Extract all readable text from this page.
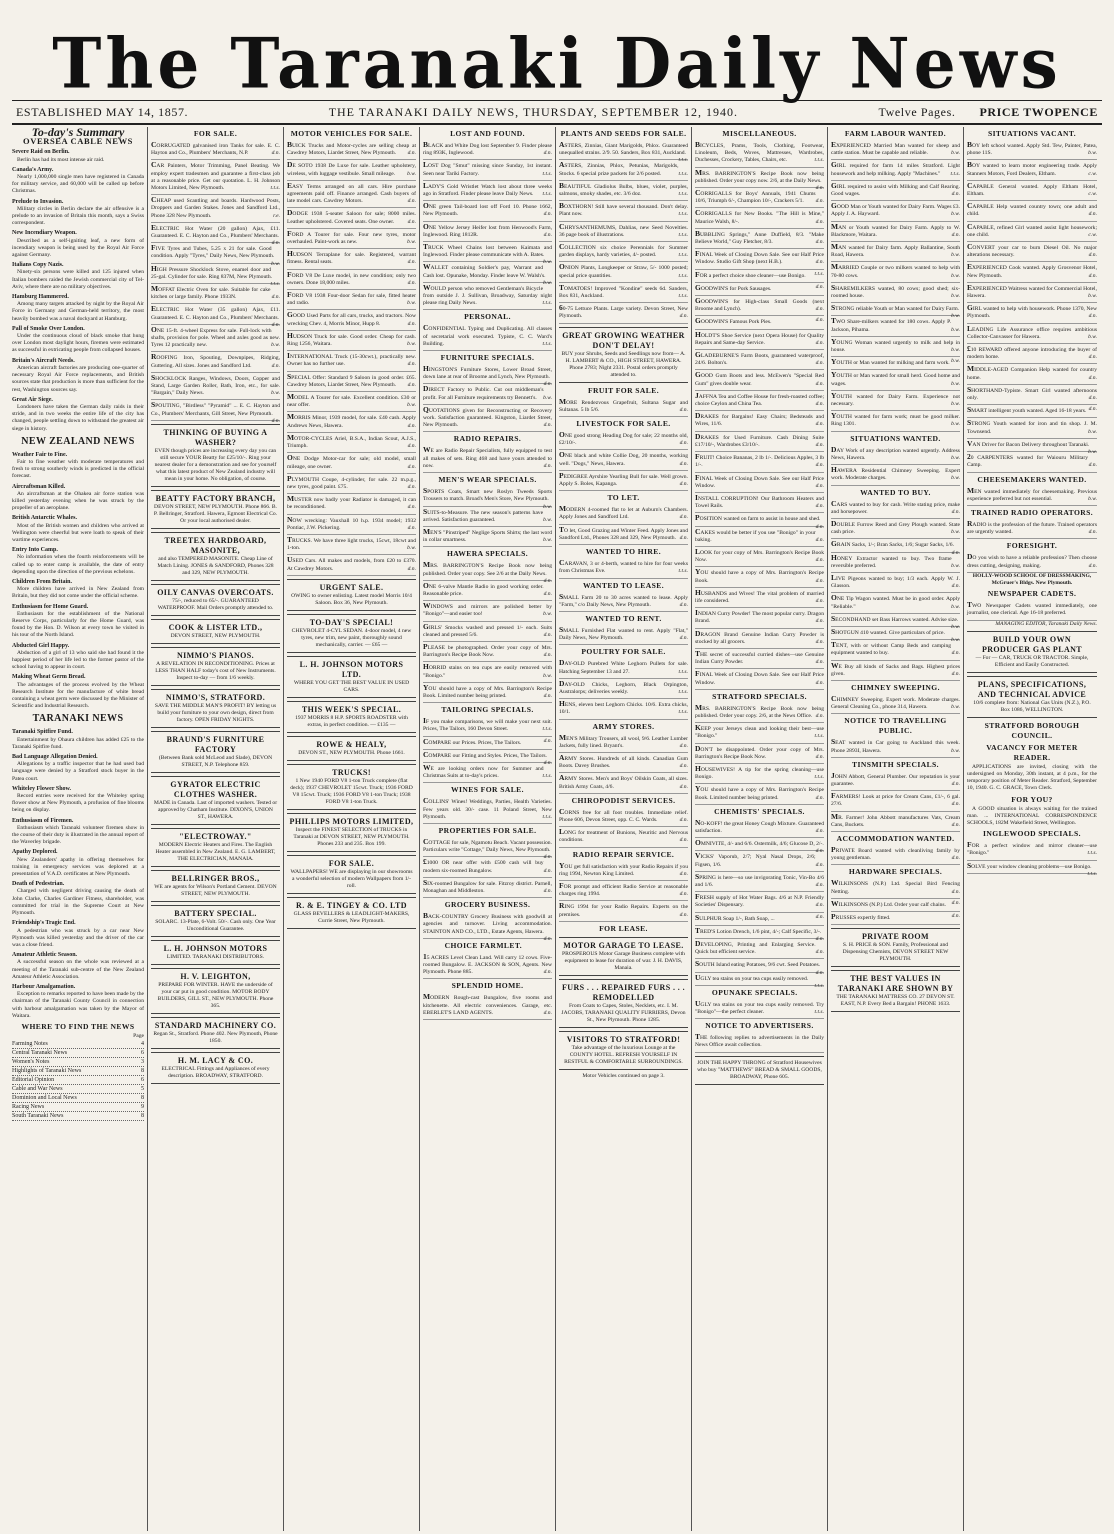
The Taranaki Daily News
ESTABLISHED MAY 14, 1857.	THE TARANAKI DAILY NEWS, THURSDAY, SEPTEMBER 12, 1940.	Twelve Pages. PRICE TWOPENCE
To-day's Summary
OVERSEA CABLE NEWS
Severe Raid on Berlin.
Berlin has had its most intense air raid.
Canada's Army.
Nearly 1,000,000 single men have registered in Canada for military service, and 60,000 will be called up before Christmas.
Prelude to Invasion.
Military circles in Berlin declare the air offensive is a prelude to an invasion of Britain this month, says a Swiss correspondent.
New Incendiary Weapon.
Described as a self-igniting leaf, a new form of incendiary weapon is being used by the Royal Air Force against Germany.
Italians Copy Nazis.
Ninety-six persons were killed and 125 injured when Italian bombers raided the Jewish commercial city of Tel-Aviv, where there are no military objectives.
Hamburg Hammered.
Among many targets attacked by night by the Royal Air Force in Germany and German-held territory, the most heavily bombed was a naval dockyard at Hamburg.
Pall of Smoke Over London.
Under the continuous cloud of black smoke that hung over London most daylight hours, firemen were estimated as successful in extricating people from collapsed houses.
Britain's Aircraft Needs.
American aircraft factories are producing one-quarter of necessary Royal Air Force replacements, and British sources state that production is more than sufficient for the rest, Washington sources say.
Great Air Siege.
Londoners have taken the German daily raids in their stride, and in two weeks the entire life of the city has changed, people settling down to withstand the greatest air siege in history.
NEW ZEALAND NEWS
Weather Fair to Fine.
Fair to fine weather with moderate temperatures and fresh to strong southerly winds is predicted in the official forecast.
Aircraftsman Killed.
An aircraftsman at the Ohakea air force station was killed yesterday evening when he was struck by the propeller of an aeroplane.
British Antarctic Whales.
Most of the British women and children who arrived at Wellington were cheerful but were loath to speak of their wartime experiences.
Entry Into Camp.
No information when the fourth reinforcements will be called up to enter camp is available, the date of entry depending upon the direction of the previous echelons.
Children From Britain.
More children have arrived in New Zealand from Britain, but they did not come under the official scheme.
Enthusiasm for Home Guard.
Enthusiasm for the establishment of the National Reserve Corps, particularly for the Home Guard, was found by the Hon. D. Wilson at every town he visited in his tour of the North Island.
Abducted Girl Happy.
Abduction of a girl of 13 who said she had found it the happiest period of her life led to the former pastor of the school having to appear in court.
Making Wheat Germ Bread.
The advantages of the process evolved by the Wheat Research Institute for the manufacture of white bread containing a wheat germ were discussed by the Minister of Scientific and Industrial Research.
TARANAKI NEWS
Taranaki Spitfire Fund.
Entertainment by Ohaura children has added £25 to the Taranaki Spitfire fund.
Bad Language Allegation Denied.
Allegations by a traffic inspector that he had used bad language were denied by a Stratford stock buyer in the Patea court.
Whiteley Flower Show.
Record entries were received for the Whiteley spring flower show at New Plymouth, a profusion of fine blooms being on display.
Enthusiasm of Firemen.
Enthusiasm which Taranaki volunteer firemen show in the course of their duty is illustrated in the annual report of the Waverley brigade.
Apathy Deplored.
New Zealanders' apathy in offering themselves for training in emergency services was deplored at a presentation of V.A.D. certificates at New Plymouth.
Death of Pedestrian.
Charged with negligent driving causing the death of John Clarke, Charles Gardiner Fitness, shareholder, was committed for trial in the Supreme Court at New Plymouth.
Friendship's Tragic End.
A pedestrian who was struck by a car near New Plymouth was killed yesterday and the driver of the car was a close friend.
Amateur Athletic Season.
A successful season on the whole was reviewed at a meeting of the Taranaki sub-centre of the New Zealand Amateur Athletic Association.
Harbour Amalgamation.
Exception to remarks reported to have been made by the chairman of the Taranaki County Council in connection with harbour amalgamation was taken by the Mayor of Waitara.
WHERE TO FIND THE NEWS
Page
Farming Notes	4
Central Taranaki News	6
Women's Notes	3
Highlights of Taranaki News	8
Editorial Opinion	6
Cable and War News	5
Dominion and Local News	8
Racing News	9
South Taranaki News	8
FOR SALE.
CORRUGATED galvanised iron Tanks for sale. E. C. Hayton and Co., Plumbers' Merchants, N.P.	d.n.
CAR Painters, Motor Trimming, Panel Beating. We employ expert tradesmen and guarantee a first-class job at a reasonable price. Get our quotation. L. H. Johnson Motors Limited, New Plymouth.	t.t.s.
CHEAP used Scantling and boards. Hardwood Posts, Droppers and Garden Stakes. Jones and Sandford Ltd., Phone 328 New Plymouth.	r.e.
ELECTRIC Hot Water (20 gallon) Ajax, £11. Guaranteed. E. C. Hayton and Co., Plumbers' Merchants.
d.n.
FIVE Tyres and Tubes, 5.25 x 21 for sale. Good condition. Apply "Tyres," Daily News, New Plymouth.
b.w.
HIGH Pressure Shocklock Stove, enamel door and 25-gal. Cylinder for sale. Ring 837M, New Plymouth.
t.t.s.
MOFFAT Electric Oven for sale. Suitable for cake kitchen or large family. Phone 1933N.	d.n.
ELECTRIC Hot Water (35 gallon) Ajax, £11. Guaranteed. E. C. Hayton and Co., Plumbers' Merchants.
d.n.
ONE 15-ft. 4-wheel Express for sale. Full-lock with shafts, provision for pole. Wheel and axles good as new. Tyres 12 practically new.	b.w.
ROOFING Iron, Spouting, Downpipes, Ridging, Guttering. All sizes. Jones and Sandford Ltd.	d.n.
SHOCKLOCK Ranges, Windows, Doors, Copper and Stand, Large Garden Roller, Bath, Iron, etc., for sale. "Bargain," Daily News.	b.w.
SPOUTING, "Birdless" "Pyramid" ... E. C. Hayton and Co., Plumbers' Merchants, Gill Street, New Plymouth.
d.n.
THINKING OF BUYING A WASHER?
EVEN though prices are increasing every day you can still secure YOUR Beatty for £25/10/-. Ring your nearest dealer for a demonstration and see for yourself what this latest product of New Zealand industry will mean in your home. No obligation, of course.
BEATTY FACTORY BRANCH,
DEVON STREET, NEW PLYMOUTH. Phone 866. B. P. Bellringer, Stratford. Hawera, Egmont Electrical Co. Or your local authorised dealer.
TREETEX HARDBOARD, MASONITE,
and also TEMPERED MASONITE. Cheap Line of Match Lining. JONES & SANDFORD, Phones 328 and 329, NEW PLYMOUTH.
OILY CANVAS OVERCOATS.
75/-, reduced to 65/-. GUARANTEED WATERPROOF. Mail Orders promptly attended to.
COOK & LISTER LTD.,
DEVON STREET, NEW PLYMOUTH.
NIMMO'S PIANOS.
A REVELATION IN RECONDITIONING. Prices at LESS THAN HALF today's cost of New Instruments. Inspect to-day — from 1/6 weekly.
NIMMO'S, STRATFORD.
SAVE THE MIDDLE MAN'S PROFIT! BY letting us build your furniture to your own design, direct from factory. OPEN FRIDAY NIGHTS.
BRAUND'S FURNITURE FACTORY
(Between Bank sold McLeod and Slade), DEVON STREET, N.P. Telephone 859.
GYRATOR ELECTRIC CLOTHES WASHER.
MADE in Canada. Last of imported washers. Tested or approved by Chatham Institute. DIXON'S, UNION ST., HAWERA.
"ELECTROWAY."
MODERN Electric Heaters and Fires. The English Heater assembled in New Zealand. E. G. LAMBERT, THE ELECTRICIAN, MANAIA.
BELLRINGER BROS.,
WE are agents for Wilson's Portland Cement. DEVON STREET, NEW PLYMOUTH.
BATTERY SPECIAL.
SOLARC. 13-Plate, 6-Volt. 50/-. Cash only. One Year Unconditional Guarantee.
L. H. JOHNSON MOTORS
LIMITED. TARANAKI DISTRIBUTORS.
H. V. LEIGHTON,
PREPARE FOR WINTER. HAVE the underside of your car put in good condition. MOTOR BODY BUILDERS, GILL ST., NEW PLYMOUTH. Phone 365.
STANDARD MACHINERY CO.
Regan St., Stratford. Phone 402. New Plymouth, Phone 1850.
H. M. LACY & CO.
ELECTRICAL Fittings and Appliances of every description. BROADWAY, STRATFORD.
MOTOR VEHICLES FOR SALE.
BUICK Trucks and Motor-cycles are selling cheap at Cawdrey Motors, Liardet Street, New Plymouth. d.n.
DE SOTO 1938 De Luxe for sale. Leather upholstery, wireless, with luggage vestibule. Small mileage. b.w.
EASY Terms arranged on all cars. Hire purchase agreements paid off. Finance arranged. Cash buyers of late model cars. Cawdrey Motors.	d.n.
DODGE 1938 5-seater Saloon for sale; 8000 miles. Leather upholstered. Covered seats. One owner. d.n.
FORD A Tourer for sale. Four new tyres, motor overhauled. Paint-work as new.	b.w.
HUDSON Terraplane for sale. Registered, warrant fitness. Rental seats.	d.n.
FORD V8 De Luxe model, in new condition; only two owners. Done 18,000 miles.	d.n.
FORD V8 1938 Four-door Sedan for sale, fitted heater and radio.	b.w.
GOOD Used Parts for all cars, trucks, and tractors. Now wrecking Chev. 4, Morris Minor, Hupp 8.	d.n.
HUDSON Truck for sale. Good order. Cheap for cash. Ring 1256, Waitara.	b.w.
INTERNATIONAL Truck (15-30cwt.), practically new. Owner has no further use.	d.n.
SPECIAL Offer: Standard 9 Saloon in good order. £65. Cawdrey Motors, Liardet Street, New Plymouth. d.n.
MODEL A Tourer for sale. Excellent condition. £30 or near offer.	b.w.
MORRIS Minor, 1939 model, for sale. £40 cash. Apply Andrews News, Hawera.	d.n.
MOTOR-CYCLES Ariel, B.S.A., Indian Scout, A.J.S., Triumph.	d.n.
ONE Dodge Motor-car for sale; old model, small mileage, one owner.	d.n.
PLYMOUTH Coupe, 4-cylinder, for sale. 22 m.p.g., new tyres, good paint. £75.	d.n.
MUSTER now badly your Radiator is damaged, it can be reconditioned.	d.n.
NOW wrecking: Vauxhall 10 h.p. 1934 model; 1932 Pontiac, J.W. Pickering.	d.n.
TRUCKS. We have three light trucks, 15cwt, 18cwt and 1-ton.	b.w.
USED Cars. All makes and models, from £20 to £370. At Cawdrey Motors.	d.n.
URGENT SALE.
OWING to owner enlisting. Latest model Morris 10/4 Saloon. Box 36, New Plymouth.
TO-DAY'S SPECIAL!
CHEVROLET 4-CYL SEDAN. 4-door model, 4 new tyres, new trim, new paint, thoroughly sound mechanically, carrier. — £65 —
L. H. JOHNSON MOTORS LTD.
WHERE YOU GET THE BEST VALUE IN USED CARS.
THIS WEEK'S SPECIAL.
1937 MORRIS 8 H.P. SPORTS ROADSTER with extras, in perfect condition. — £135 —
ROWE & HEALY,
DEVON ST., NEW PLYMOUTH. Phone 1661.
TRUCKS!
1 New 1940 FORD V8 1-ton Truck complete (flat deck); 1937 CHEVROLET 15cwt. Truck; 1936 FORD V8 15cwt. Truck; 1936 FORD V8 1-ton Truck; 1938 FORD V8 1-ton Truck.
PHILLIPS MOTORS LIMITED,
Inspect the FINEST SELECTION of TRUCKS in Taranaki at DEVON STREET, NEW PLYMOUTH. Phones 233 and 235. Box 199.
FOR SALE.
WALLPAPERS! WE are displaying in our showrooms a wonderful selection of modern Wallpapers from 1/- roll.
R. & E. TINGEY & CO. LTD
GLASS BEVELLERS & LEADLIGHT-MAKERS, Currie Street, New Plymouth.
LOST AND FOUND.
BLACK and White Dog lost September 9. Finder please ring 893K, Inglewood.	d.n.
LOST Dog "Smut" missing since Sunday, 1st instant. Seen near Tariki Factory.	t.t.s.
LADY'S Gold Wristlet Watch lost about three weeks ago in Stratford. Finder please leave Daily News. t.t.s.
ONE green Tail-board lost off Ford 10. Phone 1662, New Plymouth.	d.n.
ONE Yellow Jersey Heifer lost from Henwood's Farm, Inglewood. Ring 1812R.	d.n.
TRUCK Wheel Chains lost between Kaimata and Inglewood. Finder please communicate with A. Bates.
b.w.
WALLET containing Soldier's pay, Warrant and Cash lost. Opunake, Monday. Finder leave W. Walsh's.
b.w.
WOULD person who removed Gentleman's Bicycle from outside J. J. Sullivan, Broadway, Saturday night please ring Daily News.	t.t.s.
PERSONAL.
CONFIDENTIAL Typing and Duplicating. All classes of secretarial work executed. Typiste, C. C. Ward's Building.	t.t.s.
FURNITURE SPECIALS.
HINGSTON'S Furniture Stores, Lower Broad Street, down lane at rear of Broome and Lynch, New Plymouth.
d.n.
DIRECT Factory to Public. Cut out middleman's profit. For all Furniture requirements try Bennett's. b.w.
QUOTATIONS given for Reconstructing or Recovery work. Satisfaction guaranteed. Kingston, Liardet Street, New Plymouth.	d.n.
RADIO REPAIRS.
WE are Radio Repair Specialists, fully equipped to test all makes of sets. Ring 468 and have yours attended to now.	d.n.
MEN'S WEAR SPECIALS.
SPORTS Coats, Smart new Roslyn Tweeds Sports Trousers to match. Broad's Men's Store, New Plymouth.
b.w.
SUITS-to-Measure. The new season's patterns have arrived. Satisfaction guaranteed.	b.w.
MEN'S "Pinstriped" Neglige Sports Shirts; the last word in collar smartness.	b.w.
HAWERA SPECIALS.
MRS. BARRINGTON'S Recipe Book now being published. Order your copy. See 2/6 at the Daily News.
d.n.
ONE 6-valve Mantle Radio in good working order. Reasonable price.	d.n.
WINDOWS and mirrors are polished better by "Bonigo"—and easier too!	b.w.
GIRLS' Smocks washed and pressed 1/- each. Suits cleaned and pressed 5/6.	d.n.
PLEASE be photographed. Order your copy of Mrs. Barrington's Recipe Book Now.	d.n.
HORRID stains on tea cups are easily removed with "Bonigo."	b.w.
YOU should have a copy of Mrs. Barrington's Recipe Book. Limited number being printed.	d.n.
TAILORING SPECIALS.
IF you make comparisons, we will make your next suit. Prices, The Tailors, 160 Devon Street.	t.t.s.
COMPARE our Prices. Prices, The Tailors.	d.n.
COMPARE our Fitting and Styles. Prices, The Tailors.
d.n.
WE are looking orders now for Summer and Christmas Suits at to-day's prices.	t.t.s.
WINES FOR SALE.
COLLINS' Wines! Weddings, Parties, Health Varieties. Few years old. 30/- case. 11 Poland Street, New Plymouth.	t.t.s.
PROPERTIES FOR SALE.
COTTAGE for sale, Ngamotu Beach. Vacant possession. Particulars write "Cottage," Daily News, New Plymouth.
d.n.
£1000 OR near offer with £500 cash will buy modern six-roomed Bungalow.	d.n.
SIX-roomed Bungalow for sale. Fitzroy district. Parnell, Monaghan and Middleston.	d.n.
GROCERY BUSINESS.
BACK-COUNTRY Grocery Business with goodwill at agencies and turnover. Living accommodation. STAINTON AND CO., LTD., Estate Agents, Hawera.
d.n.
CHOICE FARMLET.
15 ACRES Level Clean Land. Will carry 12 cows. Five-roomed Bungalow. E. JACKSON & SON, Agents. New Plymouth. Phone 885.	d.n.
SPLENDID HOME.
MODERN Rough-cast Bungalow, five rooms and kitchenette. All electric conveniences. Garage, etc. EBERLET'S LAND AGENTS.	d.n.
PLANTS AND SEEDS FOR SALE.
ASTERS, Zinnias, Giant Marigolds, Phlox. Guaranteed unequalled strains. 2/9. 50. Sanders, Box 831, Auckland.
t.t.s.
ASTERS, Zinnias, Phlox, Petunias, Marigolds, Stocks. 6 special prize packets for 2/6 posted.	t.t.s.
BEAUTIFUL Gladiolus Bulbs, blues, violet, purples, salmons, smoky shades, etc. 3/6 doz.	t.t.s.
BOXTHORN! Still have several thousand. Don't delay. Plant now.	t.t.s.
CHRYSANTHEMUMS, Dahlias, new Seed Novelties. 36 page book of illustrations.	t.t.s.
COLLECTION six choice Perennials for Summer garden displays, hardy varieties, 4/- posted.	t.t.s.
ONION Plants, Longkeeper or Straw, 5/- 1000 posted; special price quantities.	t.t.s.
TOMATOES! Improved "Kondine" seeds 6d. Sanders, Box 831, Auckland.	t.t.s.
60-75 Lettuce Plants. Large variety. Devon Street, New Plymouth.	d.n.
GREAT GROWING WEATHER DON'T DELAY!
BUY your Shrubs, Seeds and Seedlings now from— A. H. LAMBERT & CO., HIGH STREET, HAWERA. Phone 2783; Night 2331. Postal orders promptly attended to.
FRUIT FOR SALE.
MORE Rendezvous Grapefruit, Sultana Sugar and Sultanas. 5 lb 5/6.	d.n.
LIVESTOCK FOR SALE.
ONE good strong Heading Dog for sale; 22 months old, £2/10/-.	d.n.
ONE black and white Collie Dog, 20 months, working well. "Dogs," News, Hawera.	d.n.
PEDIGREE Ayrshire Yearling Bull for sale. Well grown. Apply S. Boles, Kapanga.	d.n.
TO LET.
MODERN 4-roomed flat to let at Auburn's Chambers. Apply Jones and Sandford Ltd.	d.n.
TO let, Good Grazing and Winter Feed. Apply Jones and Sandford Ltd., Phones 328 and 329, New Plymouth. d.n.
WANTED TO HIRE.
CARAVAN, 3 or 4-berth, wanted to hire for four weeks from Christmas Eve.	t.t.s.
WANTED TO LEASE.
SMALL Farm 20 to 30 acres wanted to lease. Apply "Farm," c/o Daily News, New Plymouth.	d.n.
WANTED TO RENT.
SMALL Furnished Flat wanted to rent. Apply "Flat," Daily News, New Plymouth.	d.n.
POULTRY FOR SALE.
DAY-OLD Purebred White Leghorn Pullets for sale. Hatching September 13 and 27.	t.t.s.
DAY-OLD Chicks, Leghorn, Black Orpington, Australorps; deliveries weekly.	t.t.s.
HENS, eleven best Leghorn Chicks. 10/6. Extra chicks, 10/1.	t.t.s.
ARMY STORES.
MEN'S Military Trousers, all wool, 9/6. Leather Lumber Jackets, fully lined. Bryant's.	d.n.
ARMY Stores. Hundreds of all kinds. Canadian Gum Boots. Davey Brushes.	d.n.
ARMY Stores. Men's and Boys' Oilskin Coats, all sizes. British Army Coats, 4/6.	d.n.
CHIROPODIST SERVICES.
CORNS free for all foot troubles. Immediate relief. Phone 606, Devon Street, opp. C. C. Wards.	d.n.
LONG for treatment of Bunions, Neuritic and Nervous conditions.	d.n.
RADIO REPAIR SERVICE.
YOU get full satisfaction with your Radio Repairs if you ring 1994, Newton King Limited.	d.n.
FOR prompt and efficient Radio Service at reasonable charges ring 1994.	d.n.
RING 1994 for your Radio Repairs. Experts on the premises.	d.n.
FOR LEASE.
MOTOR GARAGE TO LEASE.
PROSPEROUS Motor Garage Business complete with equipment to lease for duration of war. J. H. DAVIS, Manaia.
FURS . . . REPAIRED FURS . . . REMODELLED
From Coats to Capes, Stoles, Necklets, etc. I. M. JACOBS, TARANAKI QUALITY FURRIERS, Devon St., New Plymouth. Phone 1285.
VISITORS TO STRATFORD!
Take advantage of the luxurious Lounge at the COUNTY HOTEL. REFRESH YOURSELF IN RESTFUL & COMFORTABLE SURROUNDINGS.
Motor Vehicles continued on page 3.
MISCELLANEOUS.
BICYCLES, Prams, Tools, Clothing, Footwear, Linoleum, Beds, Woves, Mattresses, Wardrobes, Duchesses, Crockery, Tables, Chairs, etc.	t.t.s.
MRS. BARRINGTON'S Recipe Book now being published. Order your copy now. 2/6, at the Daily News.
d.n.
CORRIGALLS for Boys' Annuals, 1941 Chums 10/6, Triumph 6/-, Champion 10/-, Crackers 5/1. d.n.
CORRIGALLS for New Books. "The Hill is Mine," Maurice Walsh, 8/-.	d.n.
BUBBLING Springs," Anne Duffield, 8/3. "Make Believe World," Guy Fletcher, 8/3.	d.n.
FINAL Week of Closing Down Sale. See our Half Price Window. Studio Gift Shop (next H.B.).	d.n.
FOR a perfect choice shoe cleaner—use Bonigo. t.t.s.
GOODWIN'S for Pork Sausages.	d.n.
GOODWIN'S for High-class Small Goods (next Broome and Lynch).	d.n.
GOODWIN'S Famous Pork Pies.	d.n.
HOLDT'S Shoe Service (next Opera House) for Quality Repairs and Same-day Service.	d.n.
GLADEBURNE'S Farm Boots, guaranteed waterproof, 24/6. Bolton's.	d.n.
GOOD Gum Boots and less. McEwen's "Special Red Gum" gives double wear.	d.n.
JAFFNA Tea and Coffee House for fresh-roasted coffee; choice Ceylon and China Tea.	d.n.
DRAKES for Bargains! Easy Chairs; Bedsteads and Wires, 11/6.	d.n.
DRAKES for Used Furniture. Cash Dining Suite £17/10/-, Wardrobes £3/10/-.	d.n.
FRUIT! Choice Bananas, 2 lb 1/-. Delicious Apples, 3 lb 1/-.	d.n.
FINAL Week of Closing Down Sale. See our Half Price Window.	d.n.
INSTALL CORRUPTION! Our Bathroom Heaters and Towel Rails.	d.n.
POSITION wanted on farm to assist in house and shed.
d.n.
CAKES would be better if you use "Bonigo" in your baking.	d.n.
LOOK for your copy of Mrs. Barrington's Recipe Book Now.	d.n.
YOU should have a copy of Mrs. Barrington's Recipe Book.	d.n.
HUSBANDS and Wives! The vital problem of married life considered.	d.n.
INDIAN Curry Powder! The most popular curry. Dragon Brand.	d.n.
DRAGON Brand Genuine Indian Curry Powder is stocked by all grocers.	d.n.
THE secret of successful curried dishes—use Genuine Indian Curry Powder.	d.n.
FINAL Week of Closing Down Sale. See our Half Price Window.	d.n.
STRATFORD SPECIALS.
MRS. BARRINGTON'S Recipe Book now being published. Order your copy. 2/6, at the News Office. d.n.
KEEP your Jerseys clean and looking their best—use "Bonigo."	t.t.s.
DON'T be disappointed. Order your copy of Mrs. Barrington's Recipe Book Now.	d.n.
HOUSEWIVES! A tip for the spring cleaning—use Bonigo.	t.t.s.
YOU should have a copy of Mrs. Barrington's Recipe Book. Limited number being printed.	d.n.
CHEMISTS' SPECIALS.
NO-KOFF! the great Honey Cough Mixture. Guaranteed satisfaction.	d.n.
OMNIVITE, 4/- and 6/6. Ostermilk, 4/6; Glucose D, 2/-.
d.n.
VICKS' Vaporub, 2/7; Nyal Nasal Drops, 2/6; Figsen, 1/6.	d.n.
SPRING is here—so use invigorating Tonic, Vin-Bo 4/6 and 1/6.	d.n.
FRESH supply of Hot Water Bags. 4/6 at N.P. Friendly Societies' Dispensary.	d.n.
SULPHUR Soap 1/-, Bath Soap, ...	d.n.
TRED'S Lotion Drench, 1/6 pint, 4/-; Calf Specific, 3/-.
d.n.
DEVELOPING, Printing and Enlarging Service. Quick but efficient service.	d.n.
SOUTH Island eating Potatoes, 9/6 cwt. Seed Potatoes.
d.n.
UGLY tea stains on your tea cups easily removed.
t.t.s.
OPUNAKE SPECIALS.
UGLY tea stains on your tea cups easily removed. Try "Bonigo"—the perfect cleaner.	t.t.s.
NOTICE TO ADVERTISERS.
THE following replies to advertisements in the Daily News Office await collection.
JOIN THE HAPPY THRONG of Stratford Housewives who buy "MATTHEWS" BREAD & SMALL GOODS, BROADWAY, Phone 605.
FARM LABOUR WANTED.
EXPERIENCED Married Man wanted for sheep and cattle station. Must be capable and reliable.	b.w.
GIRL required for farm 14 miles Stratford. Light housework and help milking. Apply "Machines." t.t.s.
GIRL required to assist with Milking and Calf Rearing. Good wages.	d.n.
GOOD Man or Youth wanted for Dairy Farm. Wages £3. Apply J. A. Hayward.	b.w.
MAN or Youth wanted for Dairy Farm. Apply to W. Blackmore, Waitara.	d.n.
MAN wanted for Dairy farm. Apply Ballantine, South Road, Hawera.	b.w.
MARRIED Couple or two milkers wanted to help with 70-80 cows.	b.w.
SHAREMILKERS wanted, 80 cows; good shed; six-roomed house.	b.w.
STRONG reliable Youth or Man wanted for Dairy Farm.
b.w.
TWO Share-milkers wanted for 180 cows. Apply P. Jackson, Pihama.	b.w.
YOUNG Woman wanted urgently to milk and help in house.	b.w.
YOUTH or Man wanted for milking and farm work. b.w.
YOUTH or Man wanted for small herd. Good home and wages.	b.w.
YOUTH wanted for Dairy Farm. Experience not necessary.	b.w.
YOUTH wanted for farm work; must be good milker. Ring 1301.	b.w.
SITUATIONS WANTED.
DAY Work of any description wanted urgently. Address News, Hawera.	b.w.
HAWERA Residential Chimney Sweeping. Expert work. Moderate charges.	b.w.
WANTED TO BUY.
CARS wanted to buy for cash. Write stating price, make and horsepower.	d.n.
DOUBLE Furrow Reed and Grey Plough wanted. State cash price.	b.w.
GRAIN Sacks, 1/-; Bran Sacks, 1/6; Sugar Sacks, 1/6.
d.n.
HONEY Extractor wanted to buy. Two frame reversible preferred.	b.w.
LIVE Pigeons wanted to buy; 1/3 each. Apply W. J. Glasson.	d.n.
ONE Tip Wagon wanted. Must be in good order. Apply "Reliable."	b.w.
SECONDHAND set Bass Harrows wanted. Advise size.
b.w.
SHOTGUN 410 wanted. Give particulars of price.
b.w.
TENT, with or without Camp Beds and camping equipment wanted to buy.	d.n.
WE Buy all kinds of Sacks and Bags. Highest prices given.	d.n.
CHIMNEY SWEEPING.
CHIMNEY Sweeping. Expert work. Moderate charges. General Cleaning Co., phone 314, Hawera.	b.w.
NOTICE TO TRAVELLING PUBLIC.
SEAT wanted in Car going to Auckland this week. Phone 2893I, Hawera.	b.w.
TINSMITH SPECIALS.
JOHN Abbott, General Plumber. Our reputation is your guarantee.	d.n.
FARMERS! Look at price for Cream Cans, £1/-, 6 gal. 27/6.	d.n.
MR. Farmer! John Abbott manufactures Vats, Cream Cans, Buckets.	d.n.
ACCOMMODATION WANTED.
PRIVATE Board wanted with cleanliving family by young gentleman.	d.n.
HARDWARE SPECIALS.
WILKINSONS (N.P.) Ltd. Special Bird Fencing Netting.	d.n.
WILKINSONS (N.P.) Ltd. Order your calf chains. d.n.
PRUSSES expertly fitted.	d.n.
PRIVATE ROOM
S. H. PRICE & SON. Family, Professional and Dispensing Chemists, DEVON STREET NEW PLYMOUTH.
THE BEST VALUES IN TARANAKI ARE SHOWN BY
THE TARANAKI MATTRESS CO. 27 DEVON ST. EAST, N.P. Every Bed a Bargain! PHONE 1633.
SITUATIONS VACANT.
BOY left school wanted. Apply Std. Tew, Painter, Patea, phone 11S.	b.w.
BOY wanted to learn motor engineering trade. Apply Stanners Motors, Ford Dealers, Eltham.	c.w.
CAPABLE General wanted. Apply Eltham Hotel, Eltham.	c.w.
CAPABLE Help wanted country town; one adult and child.	d.n.
CAPABLE, refined Girl wanted assist light housework; one child.	c.w.
CONVERT your car to burn Diesel Oil. No major alterations necessary.	d.n.
EXPERIENCED Cook wanted. Apply Grosvenor Hotel, New Plymouth.	d.n.
EXPERIENCED Waitress wanted for Commercial Hotel, Hawera.	b.w.
GIRL wanted to help with housework. Phone 1370, New Plymouth.	d.n.
LEADING Life Assurance office requires ambitious Collector-Canvasser for Hawera.	b.w.
£10 REWARD offered anyone introducing the buyer of modern home.	d.n.
MIDDLE-AGED Companion Help wanted for country home.	d.n.
SHORTHAND-Typiste. Smart Girl wanted afternoons only.	d.n.
SMART intelligent youth wanted. Aged 16-18 years. d.n.
STRONG Youth wanted for iron and tin shop. J. M. Townsend.	b.w.
VAN Driver for Bacon Delivery throughout Taranaki.
b.w.
20 CARPENTERS wanted for Waiouru Military Camp.	d.n.
CHEESEMAKERS WANTED.
MEN wanted immediately for cheesemaking. Previous experience preferred but not essential.	b.w.
TRAINED RADIO OPERATORS.
RADIO is the profession of the future. Trained operators are urgently wanted.	d.n.
FORESIGHT.
DO you wish to have a reliable profession? Then choose dress cutting, designing, making.	d.n.
HOLLY-WOOD SCHOOL OF DRESSMAKING, McGruer's Bldgs. New Plymouth.
NEWSPAPER CADETS.
TWO Newspaper Cadets wanted immediately, one journalist, one clerical. Age 16-18 preferred.
MANAGING EDITOR, Taranaki Daily News.
BUILD YOUR OWN PRODUCER GAS PLANT
— For — CAR, TRUCK OR TRACTOR. Simple, Efficient and Easily Constructed.
PLANS, SPECIFICATIONS, AND TECHNICAL ADVICE
10/6 complete from: National Gas Units (N.Z.), P.O. Box 1086, WELLINGTON.
STRATFORD BOROUGH COUNCIL.
VACANCY FOR METER READER.
APPLICATIONS are invited, closing with the undersigned on Monday, 30th instant, at 4 p.m., for the temporary position of Meter Reader. Stratford, September 10, 1940. G. C. GRACE, Town Clerk.
FOR YOU?
A GOOD situation is always waiting for the trained man. ... INTERNATIONAL CORRESPONDENCE SCHOOLS, 182M Wakefield Street, Wellington.
INGLEWOOD SPECIALS.
FOR a perfect window and mirror cleaner—use "Bonigo."	t.t.s.
SOLVE your window cleaning problems—use Bonigo.
t.t.s.
